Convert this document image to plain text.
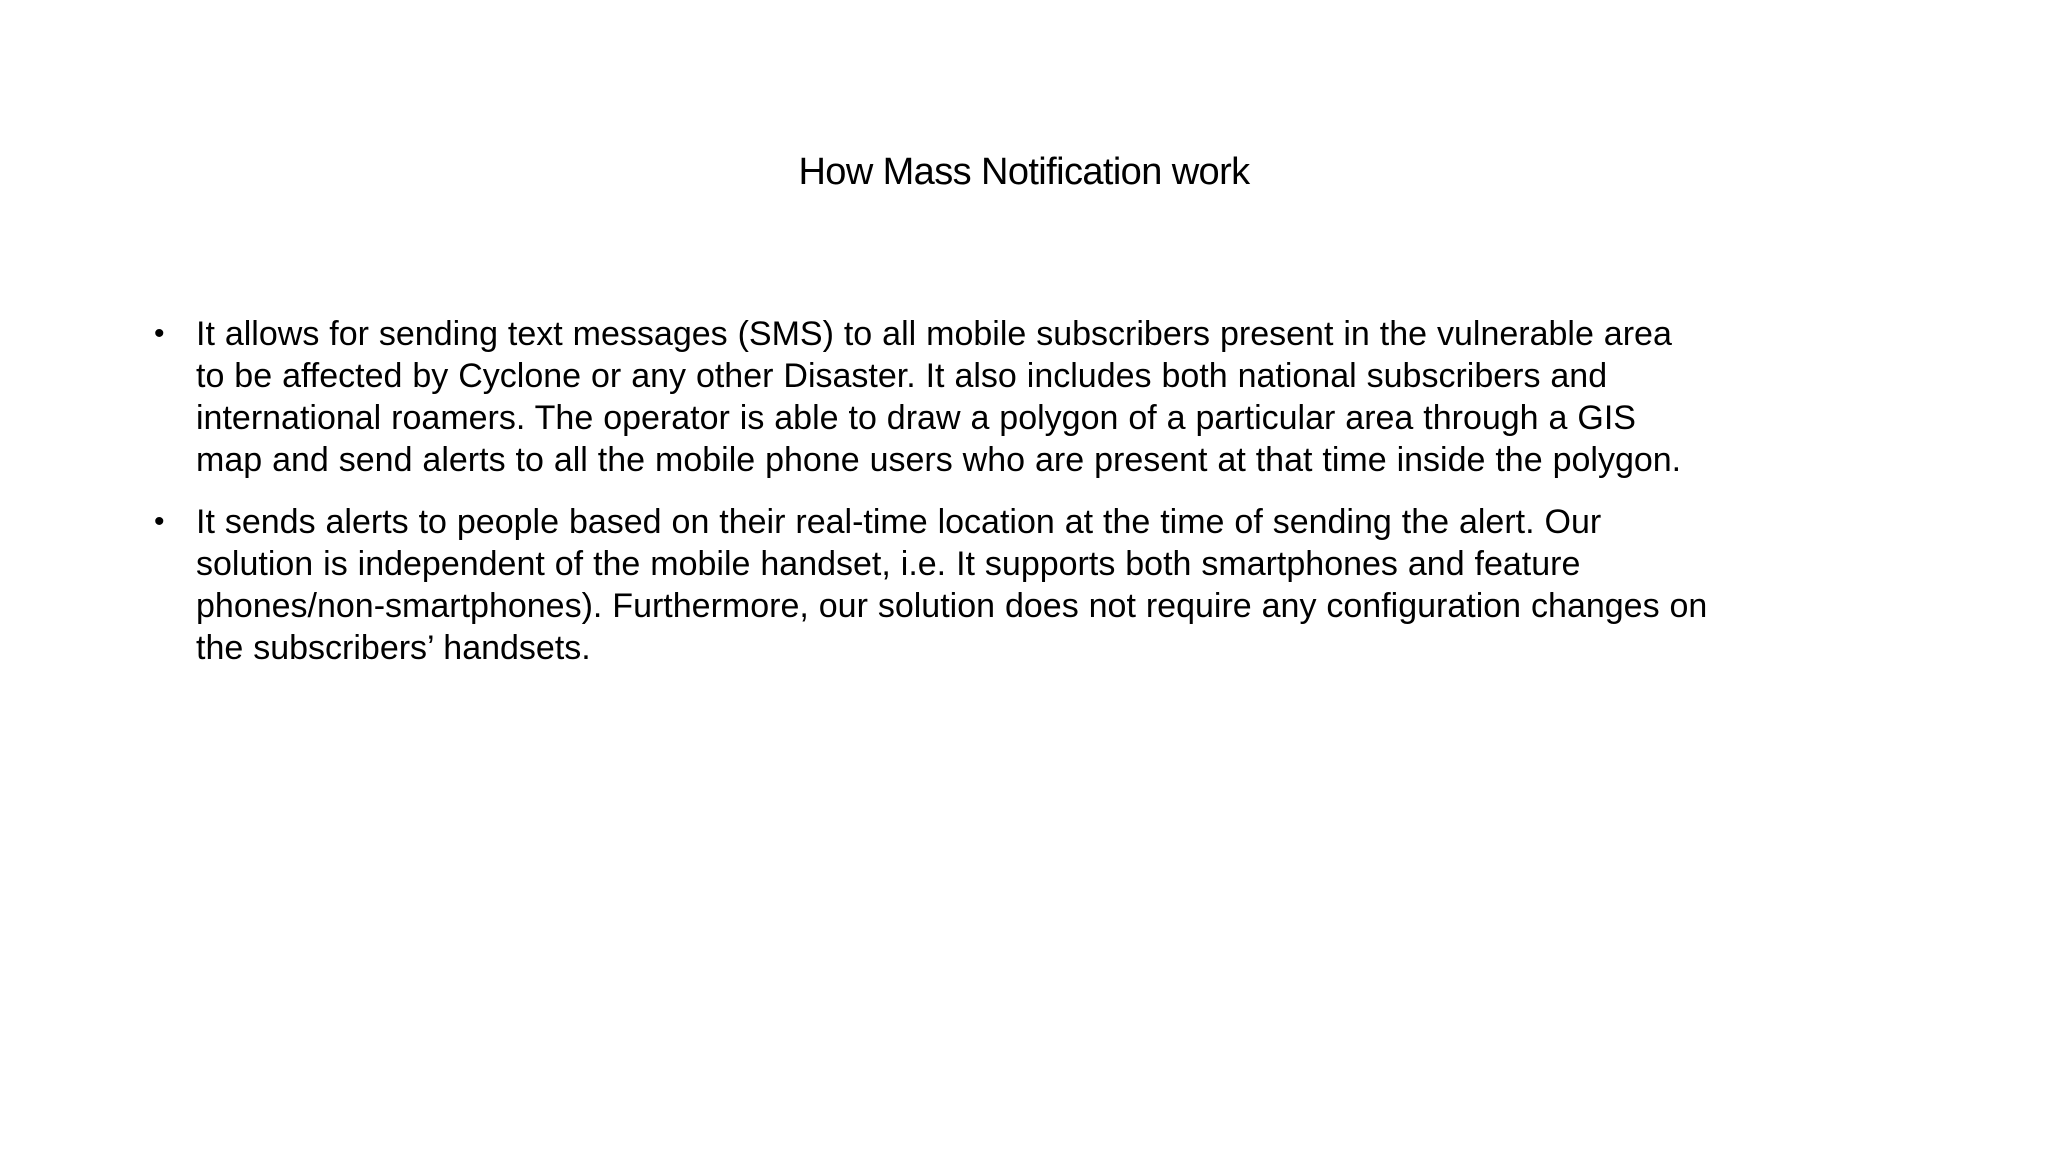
How Mass Notification work
• It allows for sending text messages (SMS) to all mobile subscribers present in the vulnerable area to be affected by Cyclone or any other Disaster. It also includes both national subscribers and international roamers. The operator is able to draw a polygon of a particular area through a GIS map and send alerts to all the mobile phone users who are present at that time inside the polygon.
• It sends alerts to people based on their real-time location at the time of sending the alert. Our solution is independent of the mobile handset, i.e. It supports both smartphones and feature phones/non-smartphones). Furthermore, our solution does not require any configuration changes on the subscribers’ handsets.
